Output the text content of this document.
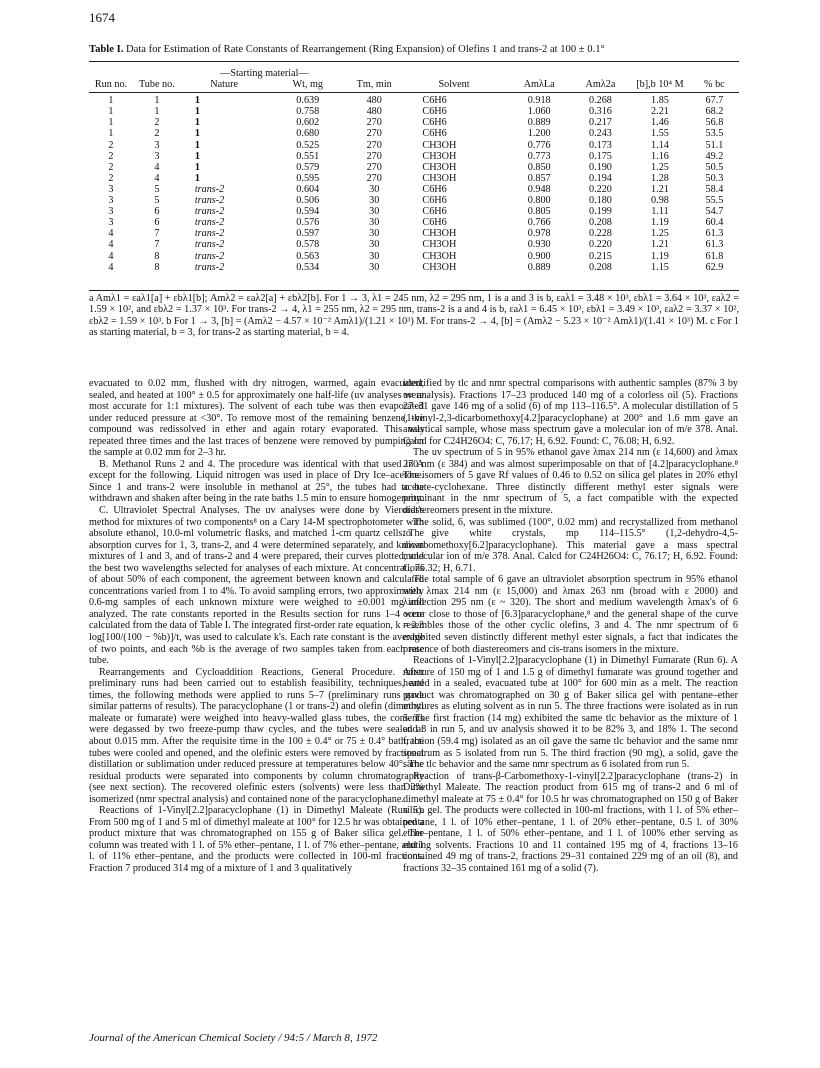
1674
Table I. Data for Estimation of Rate Constants of Rearrangement (Ring Expansion) of Olefins 1 and trans-2 at 100 ± 0.1°
Run no.	Tube no.	—Starting material—		Tm, min	Solvent	AmλLa	Amλ2a	[b],b 10⁴ M	% bc
		Nature	Wt, mg						

1	1	1	0.639	480	C6H6	0.918	0.268	1.85	67.7
1	1	1	0.758	480	C6H6	1.060	0.316	2.21	68.2
1	2	1	0.602	270	C6H6	0.889	0.217	1.46	56.8
1	2	1	0.680	270	C6H6	1.200	0.243	1.55	53.5
2	3	1	0.525	270	CH3OH	0.776	0.173	1.14	51.1
2	3	1	0.551	270	CH3OH	0.773	0.175	1.16	49.2
2	4	1	0.579	270	CH3OH	0.850	0.190	1.25	50.5
2	4	1	0.595	270	CH3OH	0.857	0.194	1.28	50.3
3	5	trans-2	0.604	30	C6H6	0.948	0.220	1.21	58.4
3	5	trans-2	0.506	30	C6H6	0.800	0.180	0.98	55.5
3	6	trans-2	0.594	30	C6H6	0.805	0.199	1.11	54.7
3	6	trans-2	0.576	30	C6H6	0.766	0.208	1.19	60.4
4	7	trans-2	0.597	30	CH3OH	0.978	0.228	1.25	61.3
4	7	trans-2	0.578	30	CH3OH	0.930	0.220	1.21	61.3
4	8	trans-2	0.563	30	CH3OH	0.900	0.215	1.19	61.8
4	8	trans-2	0.534	30	CH3OH	0.889	0.208	1.15	62.9
a Amλ1 = εaλ1[a] + εbλ1[b]; Amλ2 = εaλ2[a] + εbλ2[b]. For 1 → 3, λ1 = 245 nm, λ2 = 295 nm, 1 is a and 3 is b, εaλ1 = 3.48 × 10³, εbλ1 = 3.64 × 10³, εaλ2 = 1.59 × 10², and εbλ2 = 1.37 × 10³. For trans-2 → 4, λ1 = 255 nm, λ2 = 295 nm, trans-2 is a and 4 is b, εaλ1 = 6.45 × 10³, εbλ1 = 3.49 × 10³, εaλ2 = 3.37 × 10², εbλ2 = 1.59 × 10³. b For 1 → 3, [b] = (Amλ2 − 4.57 × 10⁻² Amλ1)/(1.21 × 10³) M. For trans-2 → 4, [b] = (Amλ2 − 5.23 × 10⁻² Amλ1)/(1.41 × 10³) M. c For 1 as starting material, b = 3, for trans-2 as starting material, b = 4.

evacuated to 0.02 mm, flushed with dry nitrogen, warmed, again evacuated, sealed, and heated at 100° ± 0.5 for approximately one half-life (uv analyses were most accurate for 1:1 mixtures). The solvent of each tube was then evaporated under reduced pressure at <30°. To remove most of the remaining benzene, the compound was redissolved in ether and again rotary evaporated. This was repeated three times and the last traces of benzene were removed by pumping on the sample at 0.02 mm for 2–3 hr.

B. Methanol Runs 2 and 4. The procedure was identical with that used in A except for the following. Liquid nitrogen was used in place of Dry Ice–acetone. Since 1 and trans-2 were insoluble in methanol at 25°, the tubes had to be withdrawn and shaken after being in the rate baths 1.5 min to ensure homogeneity.

C. Ultraviolet Spectral Analyses. The uv analyses were done by Vierordt's method for mixtures of two components⁸ on a Cary 14-M spectrophotometer with absolute ethanol, 10.0-ml volumetric flasks, and matched 1-cm quartz cells. The absorption curves for 1, 3, trans-2, and 4 were determined separately, and known mixtures of 1 and 3, and of trans-2 and 4 were prepared, their curves plotted, and the best two wavelengths selected for analyses of each mixture. At concentrations of about 50% of each component, the agreement between known and calculated concentrations varied from 1 to 4%. To avoid sampling errors, two approximately 0.6-mg samples of each unknown mixture were weighed to ±0.001 mg and analyzed. The rate constants reported in the Results section for runs 1–4 were calculated from the data of Table I. The integrated first-order rate equation, k = 2.3 log[100/(100 − %b)]/t, was used to calculate k's. Each rate constant is the average of two points, and each %b is the average of two samples taken from each rate tube.

Rearrangements and Cycloaddition Reactions, General Procedure. After preliminary runs had been carried out to establish feasibility, techniques, and times, the following methods were applied to runs 5–7 (preliminary runs gave similar patterns of results). The paracyclophane (1 or trans-2) and olefin (dimethyl maleate or fumarate) were weighed into heavy-walled glass tubes, the contents were degassed by two freeze-pump thaw cycles, and the tubes were sealed at about 0.015 mm. After the requisite time in the 100 ± 0.4° or 75 ± 0.4° bath, the tubes were cooled and opened, and the olefinic esters were removed by fractional distillation or sublimation under reduced pressure at temperatures below 40°. The residual products were separated into components by column chromatography (see next section). The recovered olefinic esters (solvents) were less than 2% isomerized (nmr spectral analysis) and contained none of the paracyclophane.

Reactions of 1-Vinyl[2.2]paracyclophane (1) in Dimethyl Maleate (Run 5). From 500 mg of 1 and 5 ml of dimethyl maleate at 100° for 12.5 hr was obtained a product mixture that was chromatographed on 155 g of Baker silica gel. The column was treated with 1 l. of 5% ether–pentane, 1 l. of 7% ether–pentane, and 1 l. of 11% ether–pentane, and the products were collected in 100-ml fractions. Fraction 7 produced 314 mg of a mixture of 1 and 3 qualitatively

identified by tlc and nmr spectral comparisons with authentic samples (87% 3 by uv analysis). Fractions 17–23 produced 140 mg of a colorless oil (5). Fractions 27–31 gave 146 mg of a solid (6) of mp 113–116.5°. A molecular distillation of 5 (1-vinyl-2,3-dicarbomethoxy[4.2]paracyclophane) at 200° and 1.6 mm gave an analytical sample, whose mass spectrum gave a molecular ion of m/e 378. Anal. Calcd for C24H26O4: C, 76.17; H, 6.92. Found: C, 76.08; H, 6.92.

The uv spectrum of 5 in 95% ethanol gave λmax 214 nm (ε 14,600) and λmax 270 nm (ε 384) and was almost superimposable on that of [4.2]paracyclophane.⁸ The isomers of 5 gave Rf values of 0.46 to 0.52 on silica gel plates in 20% ethyl acetate-cyclohexane. Three distinctly different methyl ester signals were prominant in the nmr spectrum of 5, a fact compatible with the expected diastereomers present in the mixture.

The solid, 6, was sublimed (100°, 0.02 mm) and recrystallized from methanol to give white crystals, mp 114–115.5° (1,2-dehydro-4,5-dicarbomethoxy[6.2]paracyclophane). This material gave a mass spectral molecular ion of m/e 378. Anal. Calcd for C24H26O4: C, 76.17; H, 6.92. Found: C, 76.32; H, 6.71.

The total sample of 6 gave an ultraviolet absorption spectrum in 95% ethanol with λmax 214 nm (ε 15,000) and λmax 263 nm (broad with ε 2000) and λinflection 295 nm (ε ~ 320). The short and medium wavelength λmax's of 6 occur close to those of [6.3]paracyclophane,⁸ and the general shape of the curve resembles those of the other cyclic olefins, 3 and 4. The nmr spectrum of 6 exhibited seven distinctly different methyl ester signals, a fact that indicates the presence of both diastereomers and cis-trans isomers in the mixture.

Reactions of 1-Vinyl[2.2]paracyclophane (1) in Dimethyl Fumarate (Run 6). A mixture of 150 mg of 1 and 1.5 g of dimethyl fumarate was ground together and heated in a sealed, evacuated tube at 100° for 600 min as a melt. The reaction product was chromatographed on 30 g of Baker silica gel with pentane–ether mixtures as eluting solvent as in run 5. The three fractions were isolated as in run 5. The first fraction (14 mg) exhibited the same tlc behavior as the mixture of 1 and 3 in run 5, and uv analysis showed it to be 82% 3, and 18% 1. The second fraction (59.4 mg) isolated as an oil gave the same tlc behavior and the same nmr spectrum as 5 isolated from run 5. The third fraction (90 mg), a solid, gave the same tlc behavior and the same nmr spectrum as 6 isolated from run 5.

Reaction of trans-β-Carbomethoxy-1-vinyl[2.2]paracyclophane (trans-2) in Dimethyl Maleate. The reaction product from 615 mg of trans-2 and 6 ml of dimethyl maleate at 75 ± 0.4° for 10.5 hr was chromatographed on 150 g of Baker silica gel. The products were collected in 100-ml fractions, with 1 l. of 5% ether–pentane, 1 l. of 10% ether–pentane, 1 l. of 20% ether–pentane, 0.5 l. of 30% ether–pentane, 1 l. of 50% ether–pentane, and 1 l. of 100% ether serving as eluting solvents. Fractions 10 and 11 contained 195 mg of 4, fractions 13–16 contained 49 mg of trans-2, fractions 29–31 contained 229 mg of an oil (8), and fractions 32–35 contained 161 mg of a solid (7).

Journal of the American Chemical Society / 94:5 / March 8, 1972
